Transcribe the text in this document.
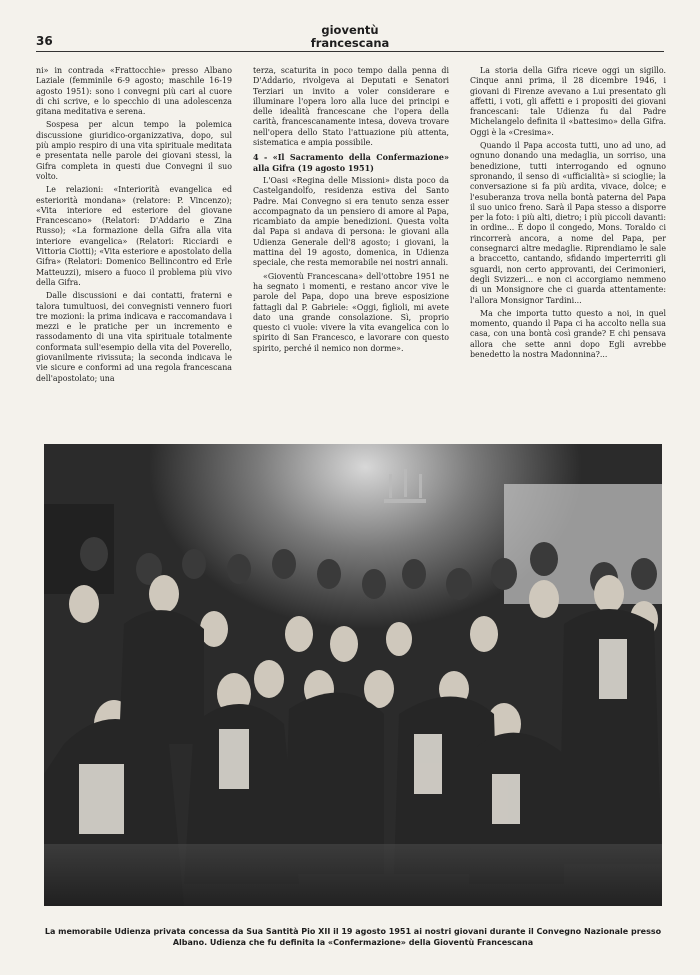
36
gioventù
francescana

ni» in contrada «Frattocchie» presso Albano Laziale (femminile 6-9 agosto; maschile 16-19 agosto 1951): sono i convegni più cari al cuore di chi scrive, e lo specchio di una adolescenza gitana meditativa e serena.

Sospesa per alcun tempo la polemica discussione giuridico-organizzativa, dopo, sul più ampio respiro di una vita spirituale meditata e presentata nelle parole dei giovani stessi, la Gifra completa in questi due Convegni il suo volto.

Le relazioni: «Interiorità evangelica ed esteriorità mondana» (relatore: P. Vincenzo); «Vita interiore ed esteriore del giovane Francescano» (Relatori: D'Addario e Zina Russo); «La formazione della Gifra alla vita interiore evangelica» (Relatori: Ricciardi e Vittoria Ciotti); «Vita esteriore e apostolato della Gifra» (Relatori: Domenico Bellincontro ed Erle Matteuzzi), misero a fuoco il problema più vivo della Gifra.

Dalle discussioni e dai contatti, fraterni e talora tumultuosi, dei convegnisti vennero fuori tre mozioni: la prima indicava e raccomandava i mezzi e le pratiche per un incremento e rassodamento di una vita spirituale totalmente conformata sull'esempio della vita del Poverello, giovanilmente rivissuta; la seconda indicava le vie sicure e conformi ad una regola francescana dell'apostolato; una

terza, scaturita in poco tempo dalla penna di D'Addario, rivolgeva ai Deputati e Senatori Terziari un invito a voler considerare e illuminare l'opera loro alla luce dei principi e delle idealità francescane che l'opera della carità, francescanamente intesa, doveva trovare nell'opera dello Stato l'attuazione più attenta, sistematica e ampia possibile.

4 - «Il Sacramento della Confermazione» alla Gifra (19 agosto 1951)

L'Oasi «Regina delle Missioni» dista poco da Castelgandolfo, residenza estiva del Santo Padre. Mai Convegno si era tenuto senza esser accompagnato da un pensiero di amore al Papa, ricambiato da ampie benedizioni. Questa volta dal Papa si andava di persona: le giovani alla Udienza Generale dell'8 agosto; i giovani, la mattina del 19 agosto, domenica, in Udienza speciale, che resta memorabile nei nostri annali.

«Gioventù Francescana» dell'ottobre 1951 ne ha segnato i momenti, e restano ancor vive le parole del Papa, dopo una breve esposizione fattagli dal P. Gabriele: «Oggi, figlioli, mi avete dato una grande consolazione. Sì, proprio questo ci vuole: vivere la vita evangelica con lo spirito di San Francesco, e lavorare con questo spirito, perché il nemico non dorme».

La storia della Gifra riceve oggi un sigillo. Cinque anni prima, il 28 dicembre 1946, i giovani di Firenze avevano a Lui presentato gli affetti, i voti, gli affetti e i propositi dei giovani francescani: tale Udienza fu dal Padre Michelangelo definita il «battesimo» della Gifra. Oggi è la «Cresima».

Quando il Papa accosta tutti, uno ad uno, ad ognuno donando una medaglia, un sorriso, una benedizione, tutti interrogando ed ognuno spronando, il senso di «ufficialità» si scioglie; la conversazione si fa più ardita, vivace, dolce; e l'esuberanza trova nella bontà paterna del Papa il suo unico freno. Sarà il Papa stesso a disporre per la foto: i più alti, dietro; i più piccoli davanti: in ordine... È dopo il congedo, Mons. Toraldo ci rincorrerà ancora, a nome del Papa, per consegnarci altre medaglie. Riprendiamo le sale a braccetto, cantando, sfidando imperterriti gli sguardi, non certo approvanti, dei Cerimonieri, degli Svizzeri... e non ci accorgiamo nemmeno di un Monsignore che ci guarda attentamente: l'allora Monsignor Tardini...

Ma che importa tutto questo a noi, in quel momento, quando il Papa ci ha accolto nella sua casa, con una bontà così grande? E chi pensava allora che sette anni dopo Egli avrebbe benedetto la nostra Madonnina?...

La memorabile Udienza privata concessa da Sua Santità Pio XII il 19 agosto 1951 ai nostri giovani durante il Convegno Nazionale presso Albano. Udienza che fu definita la «Confermazione» della Gioventù Francescana
